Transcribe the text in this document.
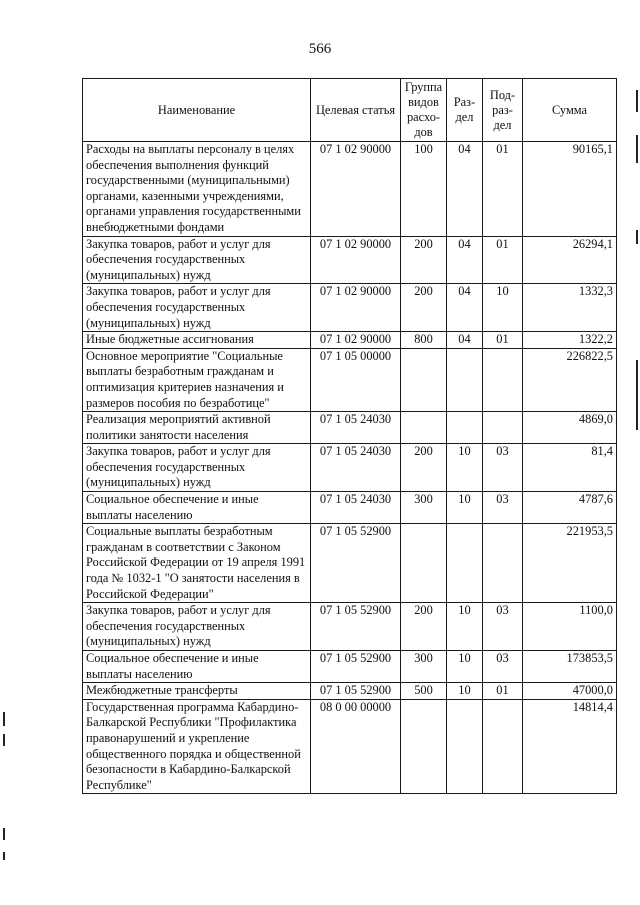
566
Наименование	Целевая статья	Группа видов расхо-дов	Раз-дел	Под-раз-дел	Сумма
Расходы на выплаты персоналу в целях обеспечения выполнения функций государственными (муниципальными) органами, казенными учреждениями, органами управления государственными внебюджетными фондами	07 1 02 90000	100	04	01	90165,1
Закупка товаров, работ и услуг для обеспечения государственных (муниципальных) нужд	07 1 02 90000	200	04	01	26294,1
Закупка товаров, работ и услуг для обеспечения государственных (муниципальных) нужд	07 1 02 90000	200	04	10	1332,3
Иные бюджетные ассигнования	07 1 02 90000	800	04	01	1322,2
Основное мероприятие "Социальные выплаты безработным гражданам и оптимизация критериев назначения и размеров пособия по безработице"	07 1 05 00000				226822,5
Реализация мероприятий активной политики занятости населения	07 1 05 24030				4869,0
Закупка товаров, работ и услуг для обеспечения государственных (муниципальных) нужд	07 1 05 24030	200	10	03	81,4
Социальное обеспечение и иные выплаты населению	07 1 05 24030	300	10	03	4787,6
Социальные выплаты безработным гражданам в соответствии с Законом Российской Федерации от 19 апреля 1991 года № 1032-1 "О занятости населения в Российской Федерации"	07 1 05 52900				221953,5
Закупка товаров, работ и услуг для обеспечения государственных (муниципальных) нужд	07 1 05 52900	200	10	03	1100,0
Социальное обеспечение и иные выплаты населению	07 1 05 52900	300	10	03	173853,5
Межбюджетные трансферты	07 1 05 52900	500	10	01	47000,0
Государственная программа Кабардино-Балкарской Республики "Профилактика правонарушений и укрепление общественного порядка и общественной безопасности в Кабардино-Балкарской Республике"	08 0 00 00000				14814,4
